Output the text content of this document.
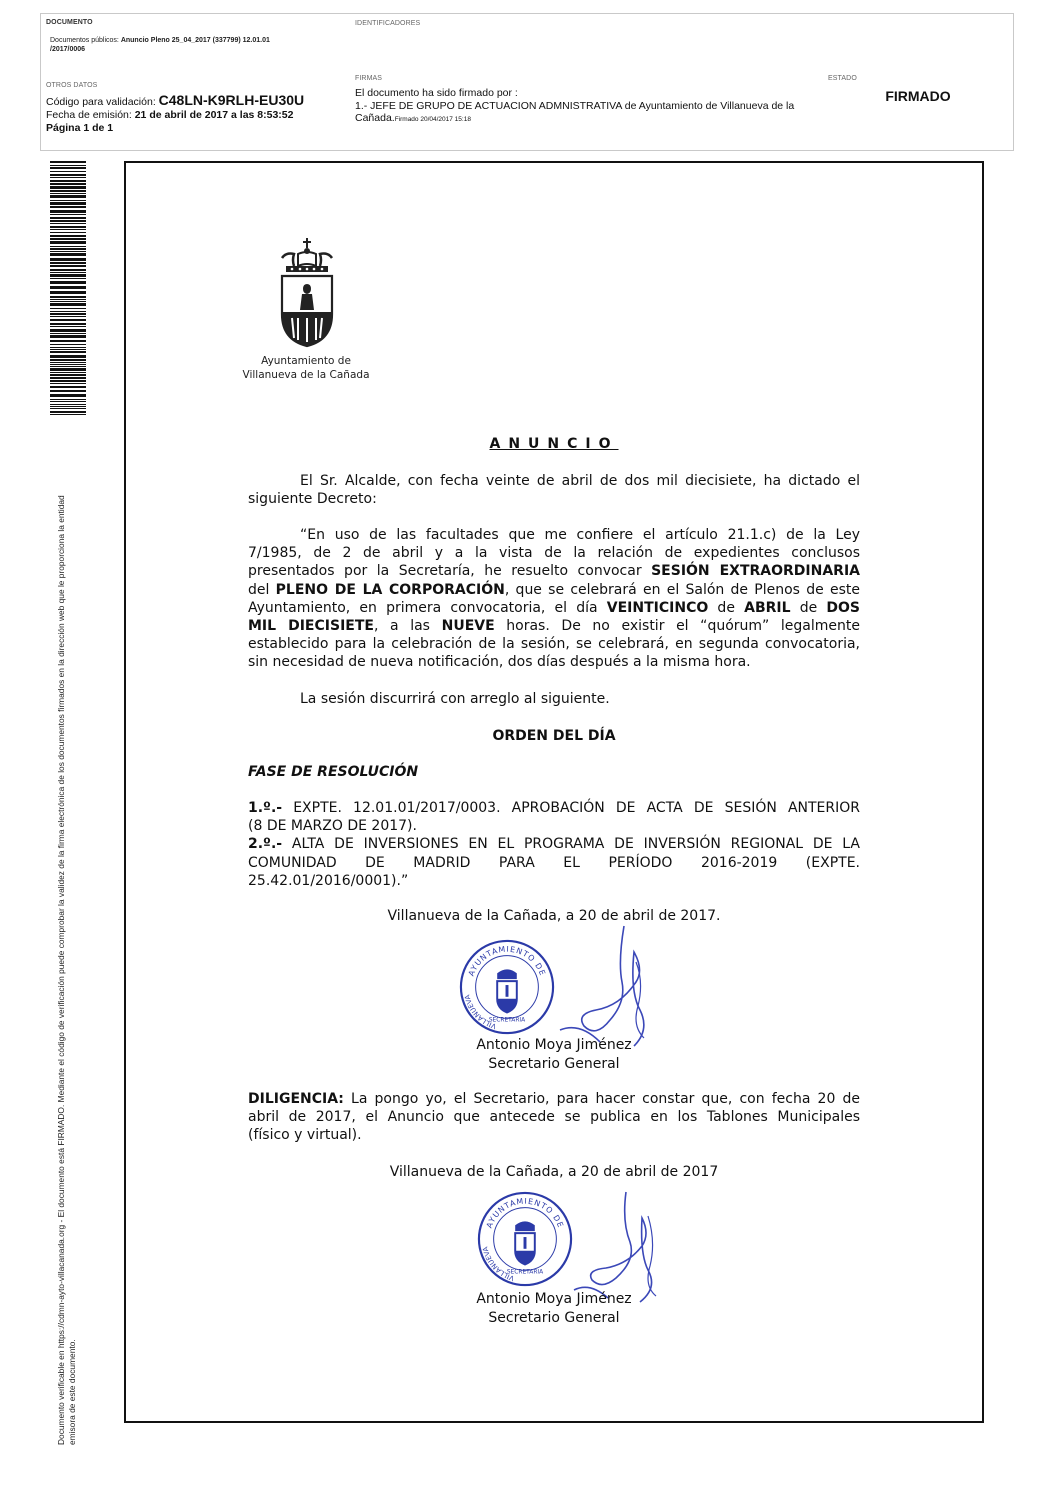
DOCUMENTO
Documentos públicos: Anuncio Pleno 25_04_2017 (337799) 12.01.01
/2017/0006
IDENTIFICADORES
OTROS DATOS
Código para validación: C48LN-K9RLH-EU30U
Fecha de emisión: 21 de abril de 2017 a las 8:53:52
Página 1 de 1
FIRMAS
El documento ha sido firmado por :
1.- JEFE DE GRUPO DE ACTUACION ADMNISTRATIVA de Ayuntamiento de Villanueva de la
Cañada.Firmado 20/04/2017 15:18
ESTADO
FIRMADO
Documento verificable en https://cdmn-ayto-villacanada.org - El documento está FIRMADO. Mediante el código de verificación puede comprobar la validez de la firma electrónica de los documentos firmados en la dirección web que le proporciona la entidad emisora de este documento.
Ayuntamiento de
Villanueva de la Cañada
ANUNCIO
El Sr. Alcalde, con fecha veinte de abril de dos mil diecisiete, ha dictado el
siguiente Decreto:
“En uso de las facultades que me confiere el artículo 21.1.c) de la Ley
7/1985, de 2 de abril y a la vista de la relación de expedientes conclusos
presentados por la Secretaría, he resuelto convocar SESIÓN EXTRAORDINARIA
del PLENO DE LA CORPORACIÓN, que se celebrará en el Salón de Plenos de este
Ayuntamiento, en primera convocatoria, el día VEINTICINCO de ABRIL de DOS
MIL DIECISIETE, a las NUEVE horas. De no existir el “quórum” legalmente
establecido para la celebración de la sesión, se celebrará, en segunda convocatoria,
sin necesidad de nueva notificación, dos días después a la misma hora.
La sesión discurrirá con arreglo al siguiente.
ORDEN DEL DÍA
FASE DE RESOLUCIÓN
1.º.- EXPTE. 12.01.01/2017/0003. APROBACIÓN DE ACTA DE SESIÓN ANTERIOR
(8 DE MARZO DE 2017).
2.º.- ALTA DE INVERSIONES EN EL PROGRAMA DE INVERSIÓN REGIONAL DE LA
COMUNIDAD DE MADRID PARA EL PERÍODO 2016-2019 (EXPTE.
25.42.01/2016/0001).”
Villanueva de la Cañada, a 20 de abril de 2017.
AYUNTAMIENTO DE
VILLANUEVA
SECRETARIA
Antonio Moya Jiménez
Secretario General
DILIGENCIA: La pongo yo, el Secretario, para hacer constar que, con fecha 20 de
abril de 2017, el Anuncio que antecede se publica en los Tablones Municipales
(físico y virtual).
Villanueva de la Cañada, a 20 de abril de 2017
AYUNTAMIENTO DE
VILLANUEVA
SECRETARIA
Antonio Moya Jiménez
Secretario General
